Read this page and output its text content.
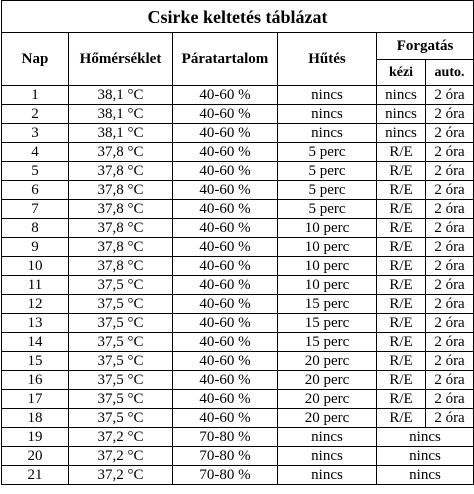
Csirke keltetés táblázat					
Nap	Hőmérséklet	Páratartalom	Hűtés	Forgatás	
				kézi	auto.
1	38,1 °C	40-60 %	nincs	nincs	2 óra
2	38,1 °C	40-60 %	nincs	nincs	2 óra
3	38,1 °C	40-60 %	nincs	nincs	2 óra
4	37,8 °C	40-60 %	5 perc	R/E	2 óra
5	37,8 °C	40-60 %	5 perc	R/E	2 óra
6	37,8 °C	40-60 %	5 perc	R/E	2 óra
7	37,8 °C	40-60 %	5 perc	R/E	2 óra
8	37,8 °C	40-60 %	10 perc	R/E	2 óra
9	37,8 °C	40-60 %	10 perc	R/E	2 óra
10	37,8 °C	40-60 %	10 perc	R/E	2 óra
11	37,5 °C	40-60 %	10 perc	R/E	2 óra
12	37,5 °C	40-60 %	15 perc	R/E	2 óra
13	37,5 °C	40-60 %	15 perc	R/E	2 óra
14	37,5 °C	40-60 %	15 perc	R/E	2 óra
15	37,5 °C	40-60 %	20 perc	R/E	2 óra
16	37,5 °C	40-60 %	20 perc	R/E	2 óra
17	37,5 °C	40-60 %	20 perc	R/E	2 óra
18	37,5 °C	40-60 %	20 perc	R/E	2 óra
19	37,2 °C	70-80 %	nincs	nincs	
20	37,2 °C	70-80 %	nincs	nincs	
21	37,2 °C	70-80 %	nincs	nincs	
